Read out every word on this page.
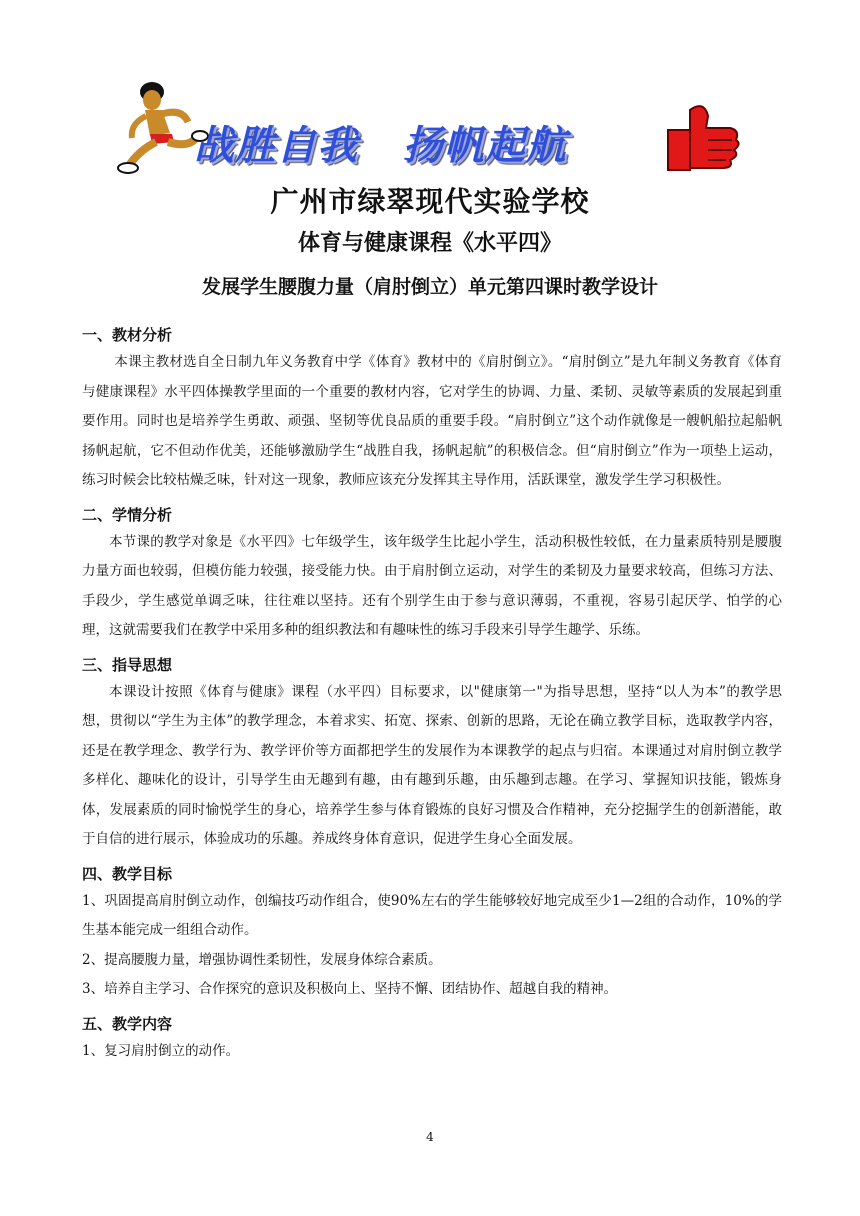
战胜自我   扬帆起航
广州市绿翠现代实验学校
体育与健康课程《水平四》
发展学生腰腹力量（肩肘倒立）单元第四课时教学设计
一、教材分析
本课主教材选自全日制九年义务教育中学《体育》教材中的《肩肘倒立》。“肩肘倒立”是九年制义务教育《体育与健康课程》水平四体操教学里面的一个重要的教材内容，它对学生的协调、力量、柔韧、灵敏等素质的发展起到重要作用。同时也是培养学生勇敢、顽强、坚韧等优良品质的重要手段。“肩肘倒立”这个动作就像是一艘帆船拉起船帆扬帆起航，它不但动作优美，还能够激励学生“战胜自我，扬帆起航”的积极信念。但“肩肘倒立”作为一项垫上运动，练习时候会比较枯燥乏味，针对这一现象，教师应该充分发挥其主导作用，活跃课堂，激发学生学习积极性。
二、学情分析
本节课的教学对象是《水平四》七年级学生，该年级学生比起小学生，活动积极性较低，在力量素质特别是腰腹力量方面也较弱，但模仿能力较强，接受能力快。由于肩肘倒立运动，对学生的柔韧及力量要求较高，但练习方法、手段少，学生感觉单调乏味，往往难以坚持。还有个别学生由于参与意识薄弱，不重视，容易引起厌学、怕学的心理，这就需要我们在教学中采用多种的组织教法和有趣味性的练习手段来引导学生趣学、乐练。
三、指导思想
本课设计按照《体育与健康》课程（水平四）目标要求，以"健康第一"为指导思想，坚持“以人为本”的教学思想，贯彻以“学生为主体”的教学理念，本着求实、拓宽、探索、创新的思路，无论在确立教学目标，选取教学内容，还是在教学理念、教学行为、教学评价等方面都把学生的发展作为本课教学的起点与归宿。本课通过对肩肘倒立教学多样化、趣味化的设计，引导学生由无趣到有趣，由有趣到乐趣，由乐趣到志趣。在学习、掌握知识技能，锻炼身体，发展素质的同时愉悦学生的身心，培养学生参与体育锻炼的良好习惯及合作精神，充分挖掘学生的创新潜能，敢于自信的进行展示，体验成功的乐趣。养成终身体育意识，促进学生身心全面发展。
四、教学目标
1、巩固提高肩肘倒立动作，创编技巧动作组合，使90%左右的学生能够较好地完成至少1—2组的合动作，10%的学生基本能完成一组组合动作。
2、提高腰腹力量，增强协调性柔韧性，发展身体综合素质。
3、培养自主学习、合作探究的意识及积极向上、坚持不懈、团结协作、超越自我的精神。
五、教学内容
1、复习肩肘倒立的动作。
4
